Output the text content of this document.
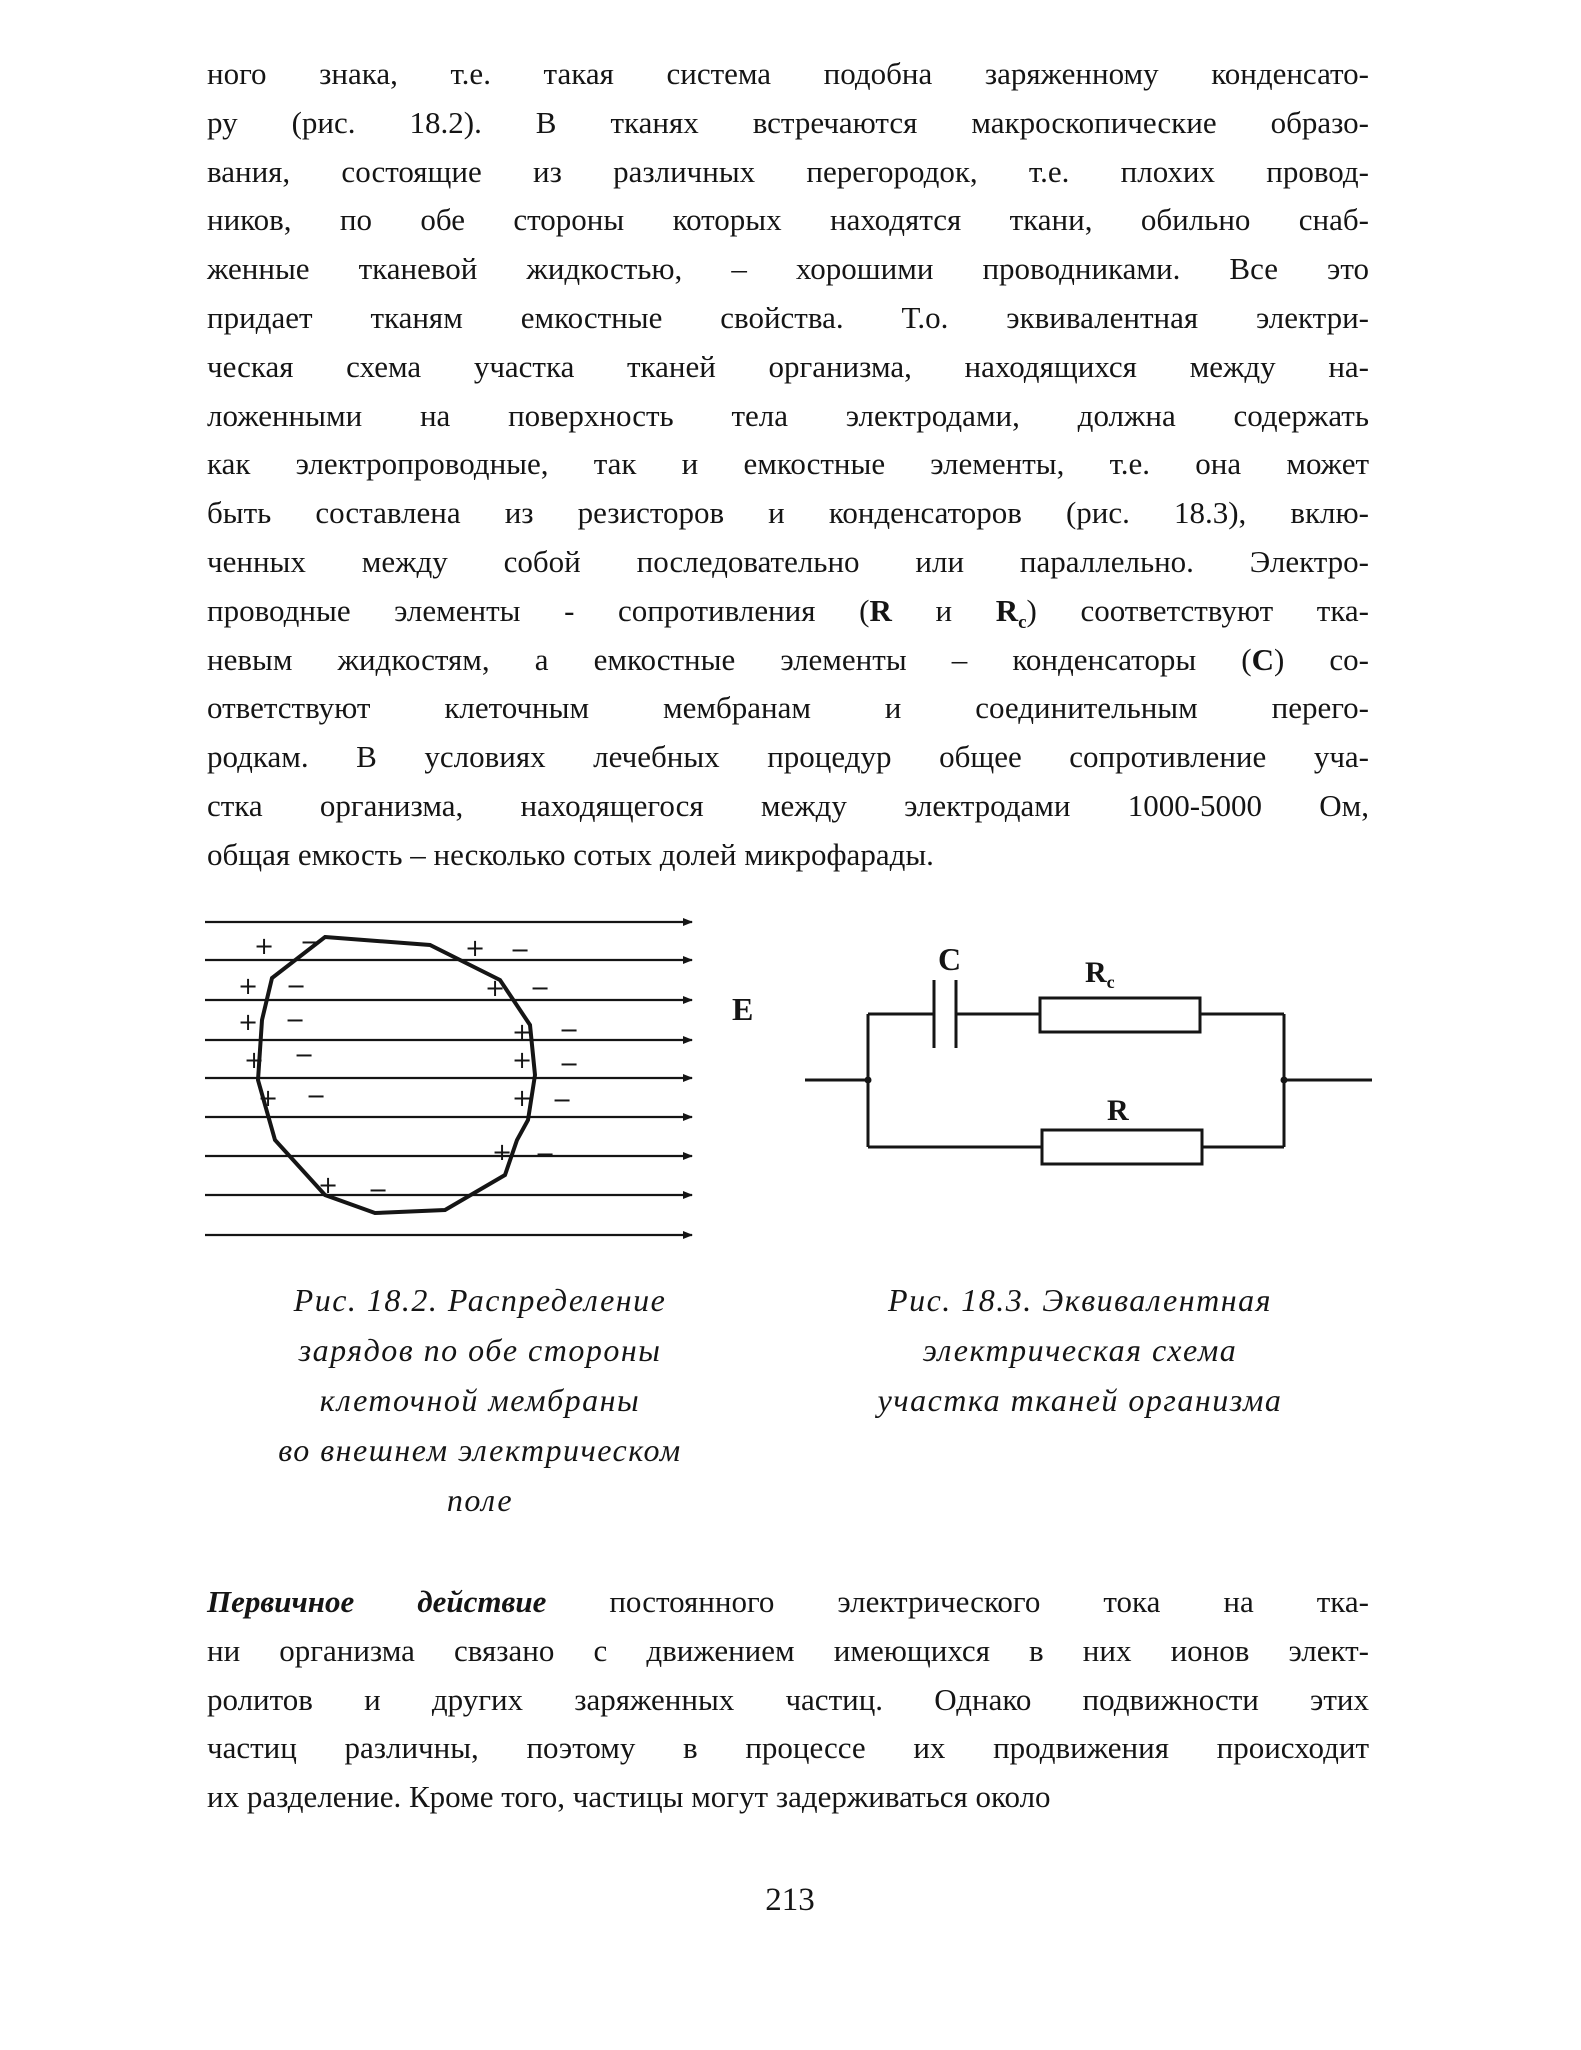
ного знака, т.е. такая система подобна заряженному конденсато-
ру (рис. 18.2). В тканях встречаются макроскопические образо-
вания, состоящие из различных перегородок, т.е. плохих провод-
ников, по обе стороны которых находятся ткани, обильно снаб-
женные тканевой жидкостью, – хорошими проводниками. Все это
придает тканям емкостные свойства. Т.о. эквивалентная электри-
ческая схема участка тканей организма, находящихся между на-
ложенными на поверхность тела электродами, должна содержать
как электропроводные, так и емкостные элементы, т.е. она может
быть составлена из резисторов и конденсаторов (рис. 18.3), вклю-
ченных между собой последовательно или параллельно. Электро-
проводные элементы - сопротивления (R и $R_c$) соответствуют тка-
невым жидкостям, а емкостные элементы – конденсаторы (C) со-
ответствуют клеточным мембранам и соединительным перего-
родкам. В условиях лечебных процедур общее сопротивление уча-
стка организма, находящегося между электродами 1000-5000 Ом,
общая емкость – несколько сотых долей микрофарады.
+ −
+ −
+ −
+ −
+ −
+ −
+ −
+ −
+ −
+ −
+ −
+ −
E
C	$R_c$
R
Рис. 18.2. Распределение
зарядов по обе стороны
клеточной мембраны
во внешнем электрическом
поле
Рис. 18.3. Эквивалентная
электрическая схема
участка тканей организма
Первичное действие постоянного электрического тока на тка-
ни организма связано с движением имеющихся в них ионов элект-
ролитов и других заряженных частиц. Однако подвижности этих
частиц различны, поэтому в процессе их продвижения происходит
их разделение. Кроме того, частицы могут задерживаться около
213
